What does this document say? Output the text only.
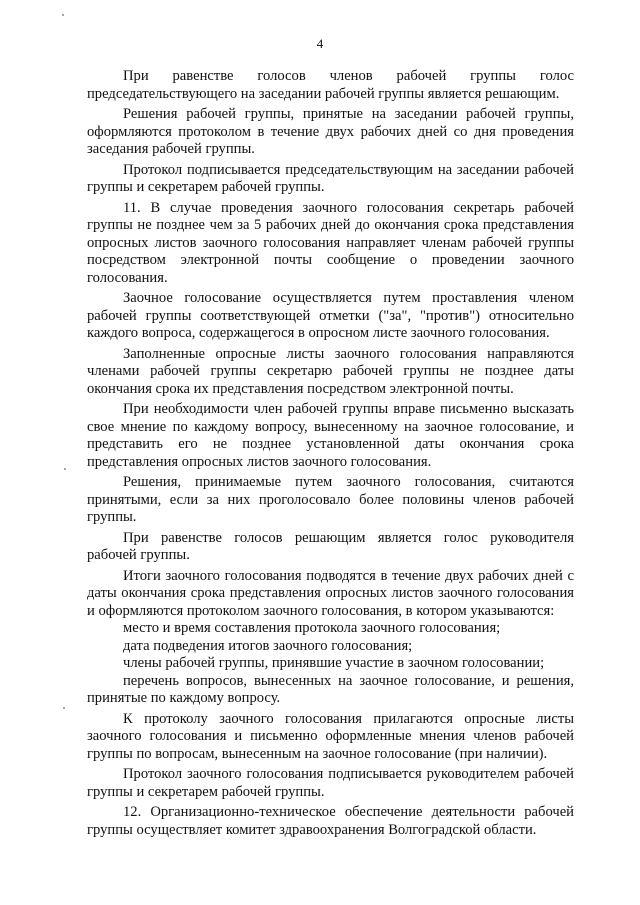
4

При равенстве голосов членов рабочей группы голос председательствующего на заседании рабочей группы является решающим.

Решения рабочей группы, принятые на заседании рабочей группы, оформляются протоколом в течение двух рабочих дней со дня проведения заседания рабочей группы.

Протокол подписывается председательствующим на заседании рабочей группы и секретарем рабочей группы.

11. В случае проведения заочного голосования секретарь рабочей группы не позднее чем за 5 рабочих дней до окончания срока представления опросных листов заочного голосования направляет членам рабочей группы посредством электронной почты сообщение о проведении заочного голосования.

Заочное голосование осуществляется путем проставления членом рабочей группы соответствующей отметки ("за", "против") относительно каждого вопроса, содержащегося в опросном листе заочного голосования.

Заполненные опросные листы заочного голосования направляются членами рабочей группы секретарю рабочей группы не позднее даты окончания срока их представления посредством электронной почты.

При необходимости член рабочей группы вправе письменно высказать свое мнение по каждому вопросу, вынесенному на заочное голосование, и представить его не позднее установленной даты окончания срока представления опросных листов заочного голосования.

Решения, принимаемые путем заочного голосования, считаются принятыми, если за них проголосовало более половины членов рабочей группы.

При равенстве голосов решающим является голос руководителя рабочей группы.

Итоги заочного голосования подводятся в течение двух рабочих дней с даты окончания срока представления опросных листов заочного голосования и оформляются протоколом заочного голосования, в котором указываются:

место и время составления протокола заочного голосования;

дата подведения итогов заочного голосования;

члены рабочей группы, принявшие участие в заочном голосовании;

перечень вопросов, вынесенных на заочное голосование, и решения, принятые по каждому вопросу.

К протоколу заочного голосования прилагаются опросные листы заочного голосования и письменно оформленные мнения членов рабочей группы по вопросам, вынесенным на заочное голосование (при наличии).

Протокол заочного голосования подписывается руководителем рабочей группы и секретарем рабочей группы.

12. Организационно-техническое обеспечение деятельности рабочей группы осуществляет комитет здравоохранения Волгоградской области.
